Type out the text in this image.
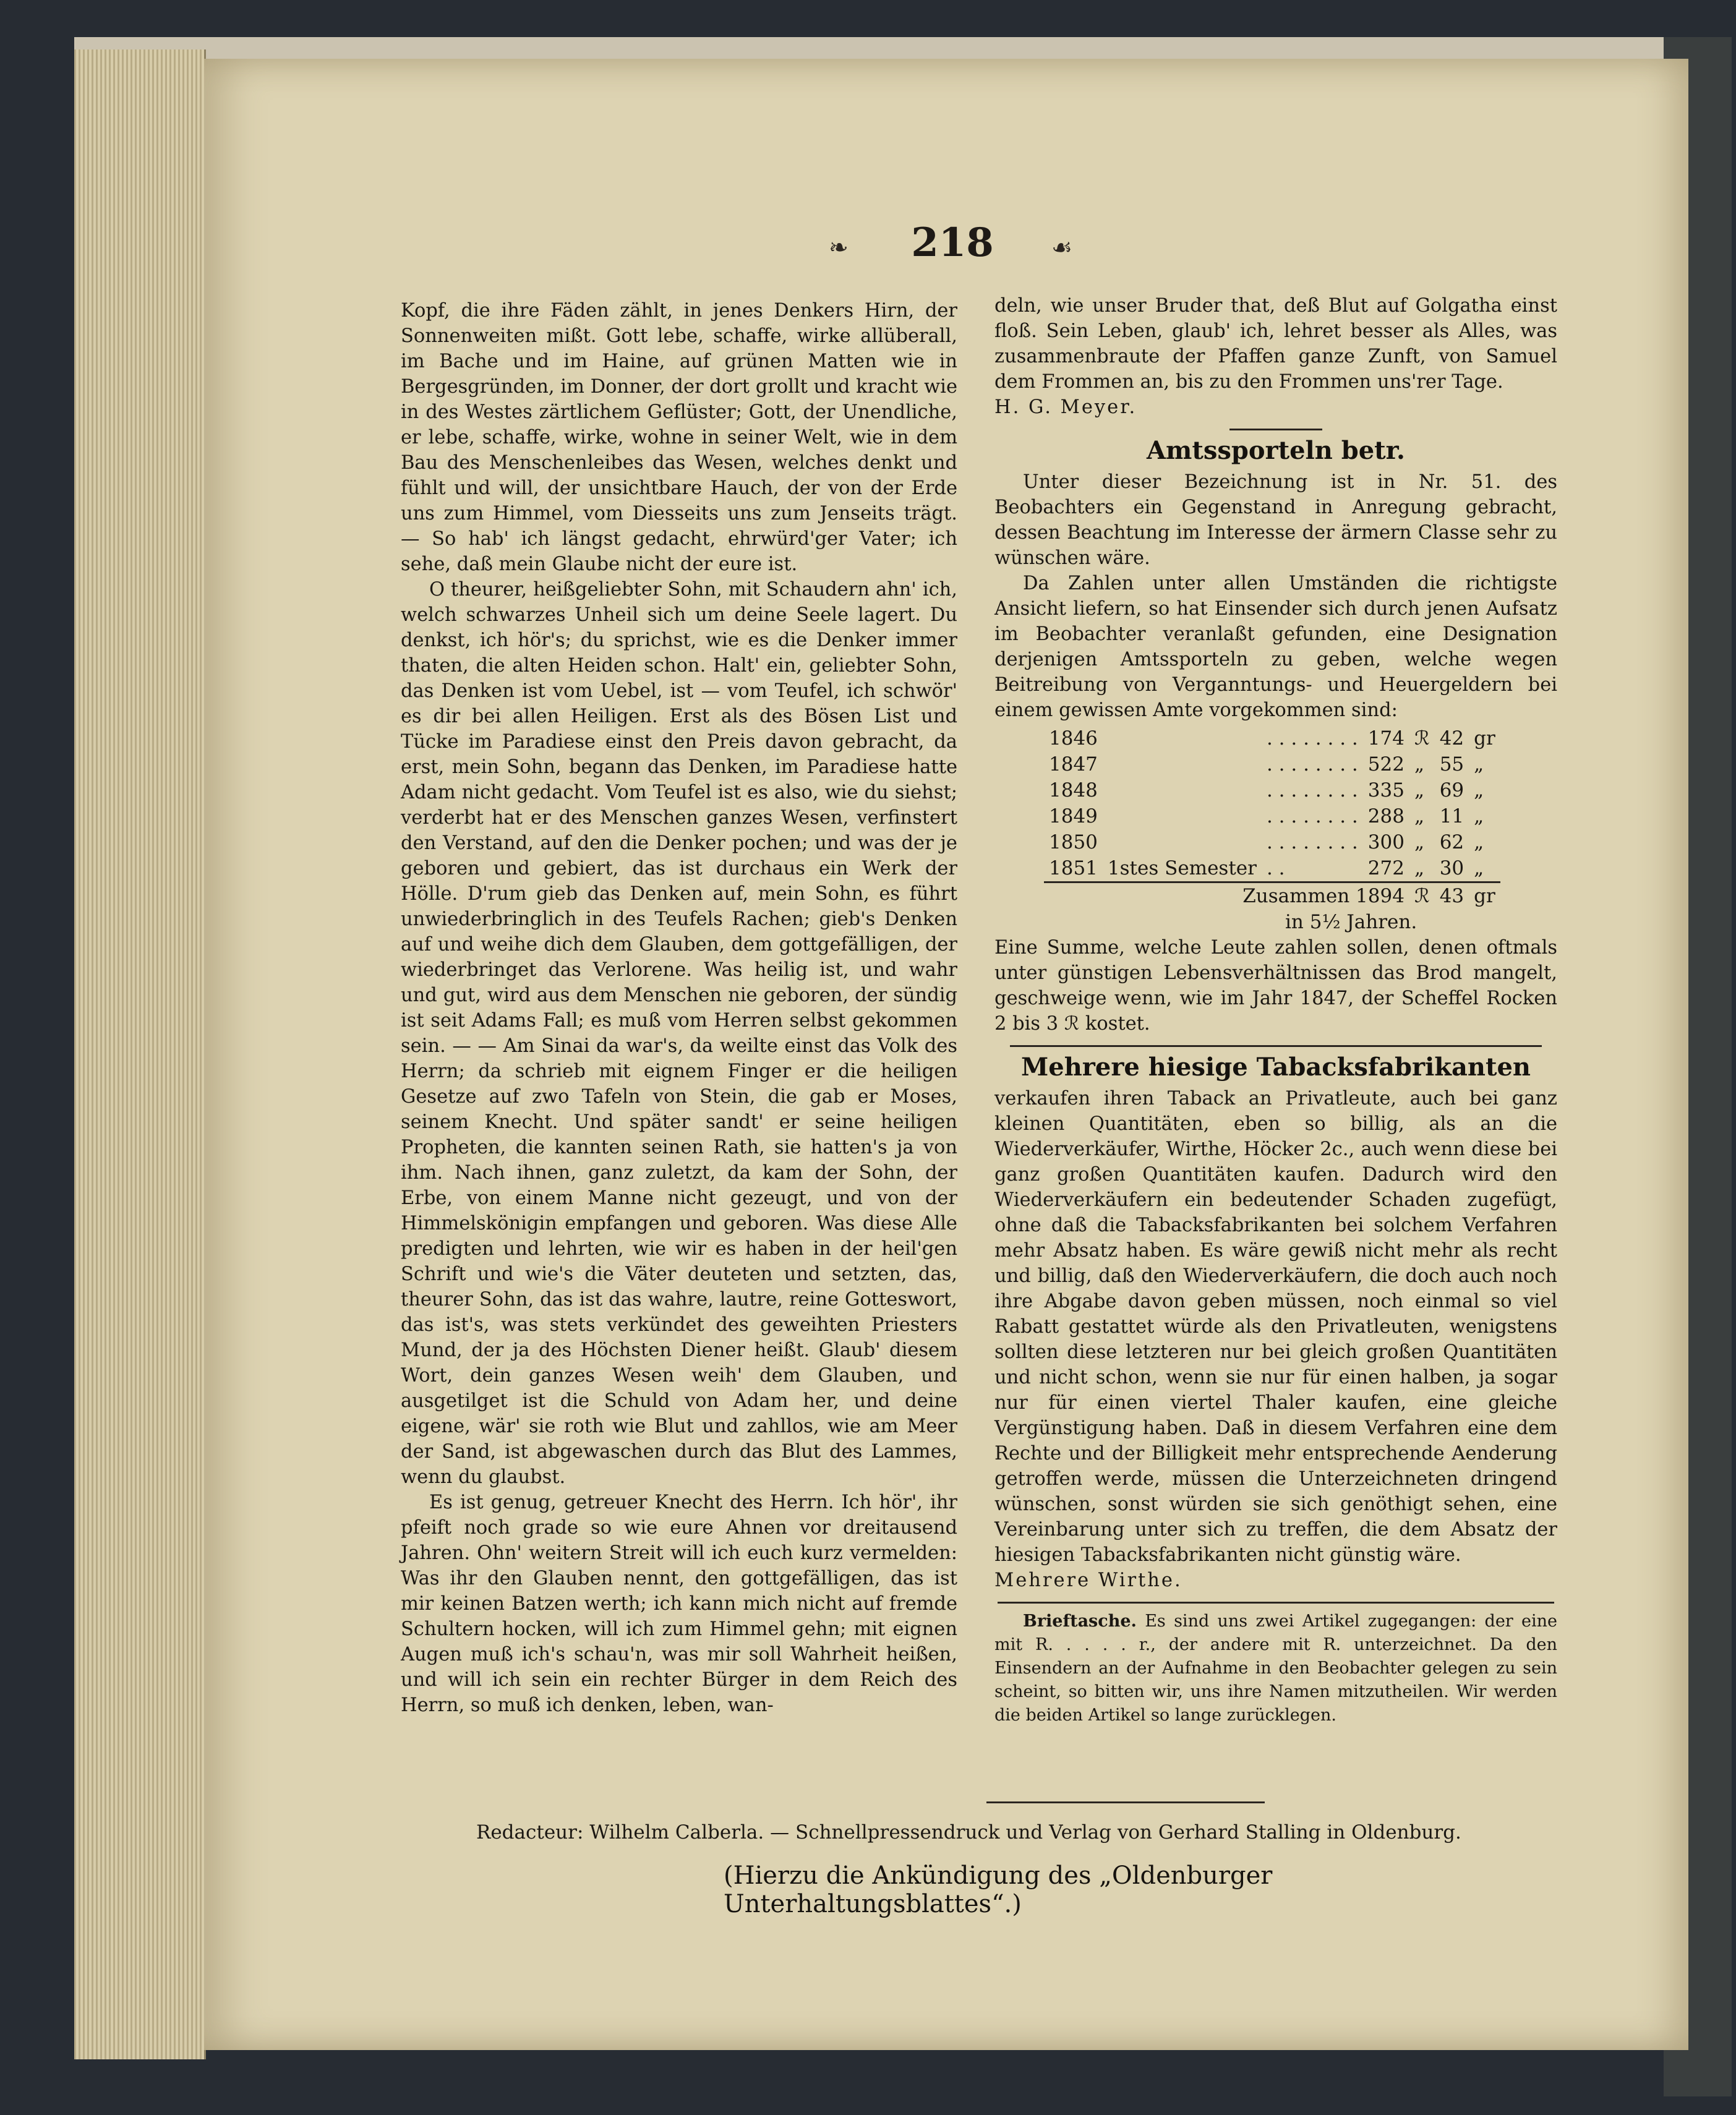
❧	218	☙

Kopf, die ihre Fäden zählt, in jenes Denkers Hirn, der Sonnenweiten mißt. Gott lebe, schaffe, wirke allüberall, im Bache und im Haine, auf grünen Matten wie in Bergesgründen, im Donner, der dort grollt und kracht wie in des Westes zärtlichem Geflüster; Gott, der Unendliche, er lebe, schaffe, wirke, wohne in seiner Welt, wie in dem Bau des Menschenleibes das Wesen, welches denkt und fühlt und will, der unsichtbare Hauch, der von der Erde uns zum Himmel, vom Diesseits uns zum Jenseits trägt. — So hab' ich längst gedacht, ehrwürd'ger Vater; ich sehe, daß mein Glaube nicht der eure ist.

O theurer, heißgeliebter Sohn, mit Schaudern ahn' ich, welch schwarzes Unheil sich um deine Seele lagert. Du denkst, ich hör's; du sprichst, wie es die Denker immer thaten, die alten Heiden schon. Halt' ein, geliebter Sohn, das Denken ist vom Uebel, ist — vom Teufel, ich schwör' es dir bei allen Heiligen. Erst als des Bösen List und Tücke im Paradiese einst den Preis davon gebracht, da erst, mein Sohn, begann das Denken, im Paradiese hatte Adam nicht gedacht. Vom Teufel ist es also, wie du siehst; verderbt hat er des Menschen ganzes Wesen, verfinstert den Verstand, auf den die Denker pochen; und was der je geboren und gebiert, das ist durchaus ein Werk der Hölle. D'rum gieb das Denken auf, mein Sohn, es führt unwiederbringlich in des Teufels Rachen; gieb's Denken auf und weihe dich dem Glauben, dem gottgefälligen, der wiederbringet das Verlorene. Was heilig ist, und wahr und gut, wird aus dem Menschen nie geboren, der sündig ist seit Adams Fall; es muß vom Herren selbst gekommen sein. — — Am Sinai da war's, da weilte einst das Volk des Herrn; da schrieb mit eignem Finger er die heiligen Gesetze auf zwo Tafeln von Stein, die gab er Moses, seinem Knecht. Und später sandt' er seine heiligen Propheten, die kannten seinen Rath, sie hatten's ja von ihm. Nach ihnen, ganz zuletzt, da kam der Sohn, der Erbe, von einem Manne nicht gezeugt, und von der Himmelskönigin empfangen und geboren. Was diese Alle predigten und lehrten, wie wir es haben in der heil'gen Schrift und wie's die Väter deuteten und setzten, das, theurer Sohn, das ist das wahre, lautre, reine Gotteswort, das ist's, was stets verkündet des geweihten Priesters Mund, der ja des Höchsten Diener heißt. Glaub' diesem Wort, dein ganzes Wesen weih' dem Glauben, und ausgetilget ist die Schuld von Adam her, und deine eigene, wär' sie roth wie Blut und zahllos, wie am Meer der Sand, ist abgewaschen durch das Blut des Lammes, wenn du glaubst.

Es ist genug, getreuer Knecht des Herrn. Ich hör', ihr pfeift noch grade so wie eure Ahnen vor dreitausend Jahren. Ohn' weitern Streit will ich euch kurz vermelden: Was ihr den Glauben nennt, den gottgefälligen, das ist mir keinen Batzen werth; ich kann mich nicht auf fremde Schultern hocken, will ich zum Himmel gehn; mit eignen Augen muß ich's schau'n, was mir soll Wahrheit heißen, und will ich sein ein rechter Bürger in dem Reich des Herrn, so muß ich denken, leben, wan-

deln, wie unser Bruder that, deß Blut auf Golgatha einst floß. Sein Leben, glaub' ich, lehret besser als Alles, was zusammenbraute der Pfaffen ganze Zunft, von Samuel dem Frommen an, bis zu den Frommen uns'rer Tage.

H. G. Meyer.

Amtssporteln betr.

Unter dieser Bezeichnung ist in Nr. 51. des Beobachters ein Gegenstand in Anregung gebracht, dessen Beachtung im Interesse der ärmern Classe sehr zu wünschen wäre.

Da Zahlen unter allen Umständen die richtigste Ansicht liefern, so hat Einsender sich durch jenen Aufsatz im Beobachter veranlaßt gefunden, eine Designation derjenigen Amtssporteln zu geben, welche wegen Beitreibung von Verganntungs- und Heuergeldern bei einem gewissen Amte vorgekommen sind:

1846		. . . . . . . .	174	ℛ	42	gr
1847		. . . . . . . .	522	„	55	„
1848		. . . . . . . .	335	„	69	„
1849		. . . . . . . .	288	„	11	„
1850		. . . . . . . .	300	„	62	„
1851	1stes Semester	. .	272	„	30	„
Zusammen 1894				ℛ	43	gr
in 5½ Jahren.						

Eine Summe, welche Leute zahlen sollen, denen oftmals unter günstigen Lebensverhältnissen das Brod mangelt, geschweige wenn, wie im Jahr 1847, der Scheffel Rocken 2 bis 3 ℛ kostet.

Mehrere hiesige Tabacksfabrikanten

verkaufen ihren Taback an Privatleute, auch bei ganz kleinen Quantitäten, eben so billig, als an die Wiederverkäufer, Wirthe, Höcker 2c., auch wenn diese bei ganz großen Quantitäten kaufen. Dadurch wird den Wiederverkäufern ein bedeutender Schaden zugefügt, ohne daß die Tabacksfabrikanten bei solchem Verfahren mehr Absatz haben. Es wäre gewiß nicht mehr als recht und billig, daß den Wiederverkäufern, die doch auch noch ihre Abgabe davon geben müssen, noch einmal so viel Rabatt gestattet würde als den Privatleuten, wenigstens sollten diese letzteren nur bei gleich großen Quantitäten und nicht schon, wenn sie nur für einen halben, ja sogar nur für einen viertel Thaler kaufen, eine gleiche Vergünstigung haben. Daß in diesem Verfahren eine dem Rechte und der Billigkeit mehr entsprechende Aenderung getroffen werde, müssen die Unterzeichneten dringend wünschen, sonst würden sie sich genöthigt sehen, eine Vereinbarung unter sich zu treffen, die dem Absatz der hiesigen Tabacksfabrikanten nicht günstig wäre.

Mehrere Wirthe.

Brieftasche. Es sind uns zwei Artikel zugegangen: der eine mit R. . . . . r., der andere mit R. unterzeichnet. Da den Einsendern an der Aufnahme in den Beobachter gelegen zu sein scheint, so bitten wir, uns ihre Namen mitzutheilen. Wir werden die beiden Artikel so lange zurücklegen.

Redacteur: Wilhelm Calberla. — Schnellpressendruck und Verlag von Gerhard Stalling in Oldenburg.
(Hierzu die Ankündigung des „Oldenburger Unterhaltungsblattes“.)
